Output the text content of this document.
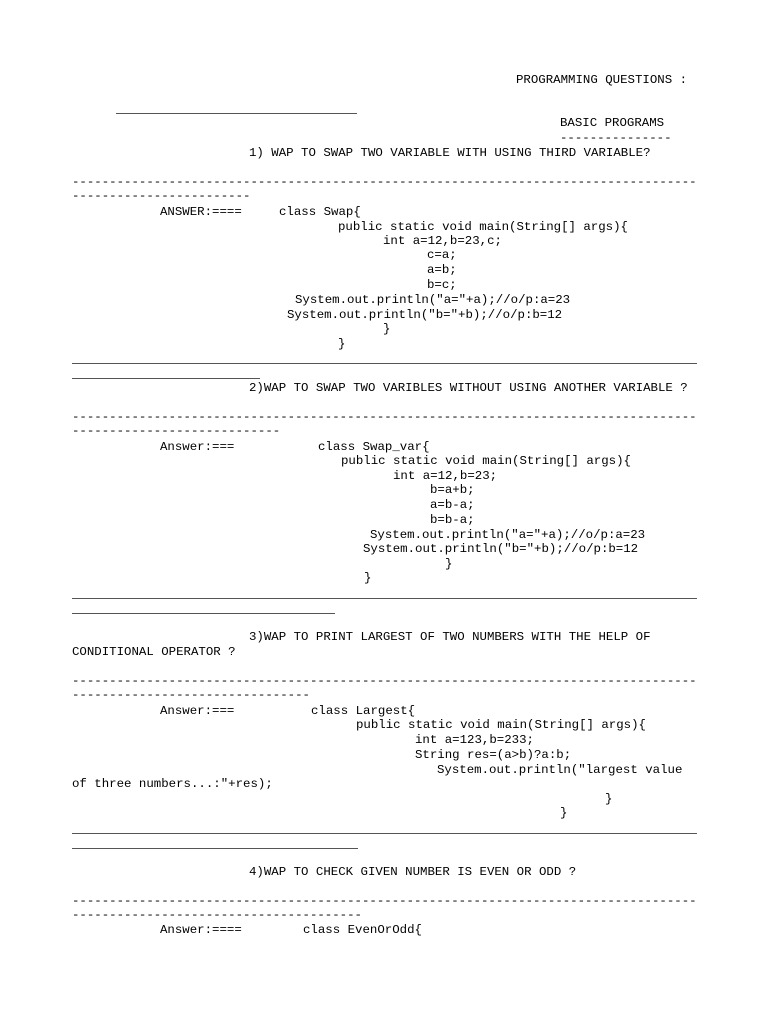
PROGRAMMING QUESTIONS :
BASIC PROGRAMS
---------------
1) WAP TO SWAP TWO VARIABLE WITH USING THIRD VARIABLE?
------------------------------------------------------------------------------------
------------------------
ANSWER:====	class Swap{
public static void main(String[] args){
int a=12,b=23,c;
c=a;
a=b;
b=c;
System.out.println("a="+a);//o/p:a=23
System.out.println("b="+b);//o/p:b=12
}
}
2)WAP TO SWAP TWO VARIBLES WITHOUT USING ANOTHER VARIABLE ?
------------------------------------------------------------------------------------
----------------------------
Answer:===	class Swap_var{
public static void main(String[] args){
int a=12,b=23;
b=a+b;
a=b-a;
b=b-a;
System.out.println("a="+a);//o/p:a=23
System.out.println("b="+b);//o/p:b=12
}
}
3)WAP TO PRINT LARGEST OF TWO NUMBERS WITH THE HELP OF
CONDITIONAL OPERATOR ?
------------------------------------------------------------------------------------
--------------------------------
Answer:===	class Largest{
public static void main(String[] args){
int a=123,b=233;
String res=(a>b)?a:b;
System.out.println("largest value
of three numbers...:"+res);
}
}
4)WAP TO CHECK GIVEN NUMBER IS EVEN OR ODD ?
------------------------------------------------------------------------------------
---------------------------------------
Answer:====	class EvenOrOdd{
